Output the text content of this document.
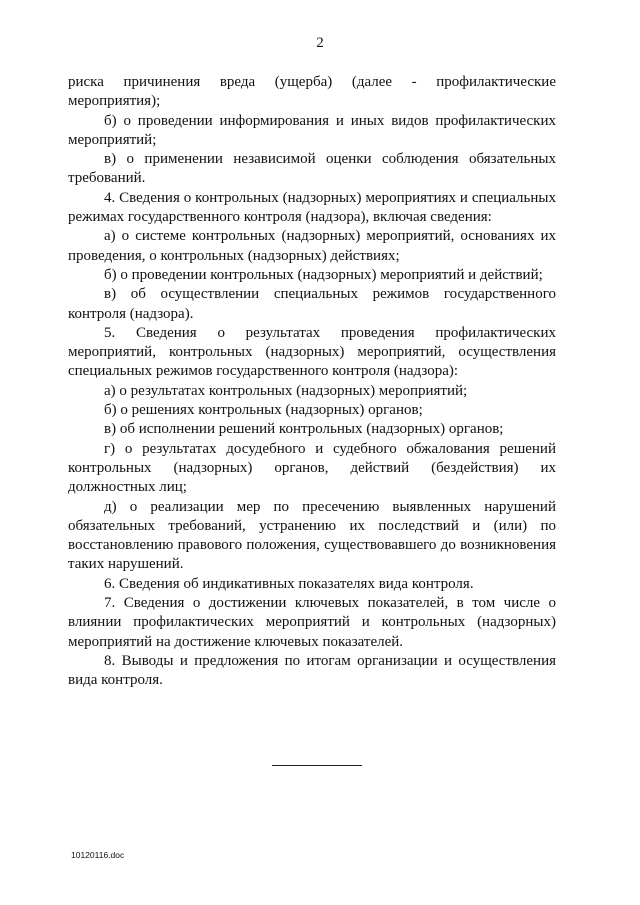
2

риска причинения вреда (ущерба) (далее - профилактические мероприятия);

б) о проведении информирования и иных видов профилактических мероприятий;

в) о применении независимой оценки соблюдения обязательных требований.

4. Сведения о контрольных (надзорных) мероприятиях и специальных режимах государственного контроля (надзора), включая сведения:

а) о системе контрольных (надзорных) мероприятий, основаниях их проведения, о контрольных (надзорных) действиях;

б) о проведении контрольных (надзорных) мероприятий и действий;

в) об осуществлении специальных режимов государственного контроля (надзора).

5. Сведения о результатах проведения профилактических мероприятий, контрольных (надзорных) мероприятий, осуществления специальных режимов государственного контроля (надзора):

а) о результатах контрольных (надзорных) мероприятий;

б) о решениях контрольных (надзорных) органов;

в) об исполнении решений контрольных (надзорных) органов;

г) о результатах досудебного и судебного обжалования решений контрольных (надзорных) органов, действий (бездействия) их должностных лиц;

д) о реализации мер по пресечению выявленных нарушений обязательных требований, устранению их последствий и (или) по восстановлению правового положения, существовавшего до возникновения таких нарушений.

6. Сведения об индикативных показателях вида контроля.

7. Сведения о достижении ключевых показателей, в том числе о влиянии профилактических мероприятий и контрольных (надзорных) мероприятий на достижение ключевых показателей.

8. Выводы и предложения по итогам организации и осуществления вида контроля.

10120116.doc
